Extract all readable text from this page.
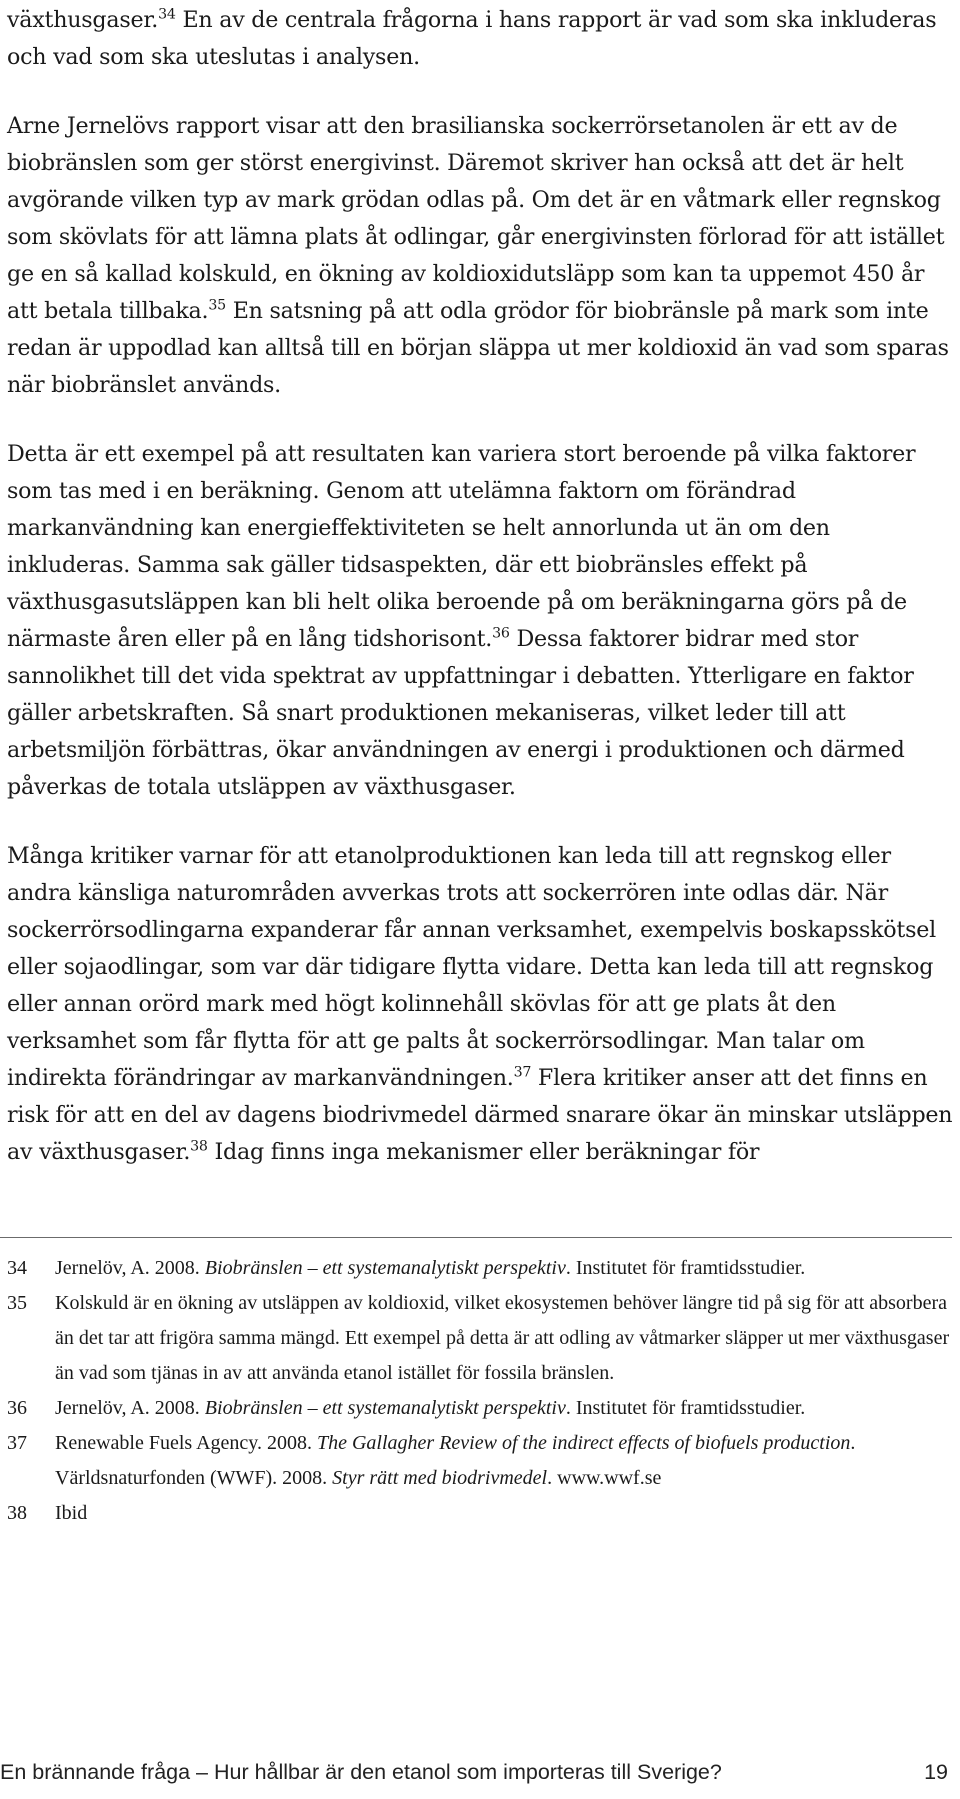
växthusgaser.$^{34}$ En av de centrala frågorna i hans rapport är vad som ska inkluderas och vad som ska uteslutas i analysen.

Arne Jernelövs rapport visar att den brasilianska sockerrörsetanolen är ett av de biobränslen som ger störst energivinst. Däremot skriver han också att det är helt avgörande vilken typ av mark grödan odlas på. Om det är en våtmark eller regnskog som skövlats för att lämna plats åt odlingar, går energivinsten förlorad för att istället ge en så kallad kolskuld, en ökning av koldioxidutsläpp som kan ta uppemot 450 år att betala tillbaka.$^{35}$ En satsning på att odla grödor för biobränsle på mark som inte redan är uppodlad kan alltså till en början släppa ut mer koldioxid än vad som sparas när biobränslet används.

Detta är ett exempel på att resultaten kan variera stort beroende på vilka faktorer som tas med i en beräkning. Genom att utelämna faktorn om förändrad markanvändning kan energieffektiviteten se helt annorlunda ut än om den inkluderas. Samma sak gäller tidsaspekten, där ett biobränsles effekt på växthusgasutsläppen kan bli helt olika beroende på om beräkningarna görs på de närmaste åren eller på en lång tidshorisont.$^{36}$ Dessa faktorer bidrar med stor sannolikhet till det vida spektrat av uppfattningar i debatten. Ytterligare en faktor gäller arbetskraften. Så snart produktionen mekaniseras, vilket leder till att arbetsmiljön förbättras, ökar användningen av energi i produktionen och därmed påverkas de totala utsläppen av växthusgaser.

Många kritiker varnar för att etanolproduktionen kan leda till att regnskog eller andra känsliga naturområden avverkas trots att sockerrören inte odlas där. När sockerrörsodlingarna expanderar får annan verksamhet, exempelvis boskapsskötsel eller sojaodlingar, som var där tidigare flytta vidare. Detta kan leda till att regnskog eller annan orörd mark med högt kolinnehåll skövlas för att ge plats åt den verksamhet som får flytta för att ge palts åt sockerrörsodlingar. Man talar om indirekta förändringar av markanvändningen.$^{37}$ Flera kritiker anser att det finns en risk för att en del av dagens biodrivmedel därmed snarare ökar än minskar utsläppen av växthusgaser.$^{38}$ Idag finns inga mekanismer eller beräkningar för

34 Jernelöv, A. 2008. Biobränslen – ett systemanalytiskt perspektiv. Institutet för framtidsstudier.
35 Kolskuld är en ökning av utsläppen av koldioxid, vilket ekosystemen behöver längre tid på sig för att absorbera än det tar att frigöra samma mängd. Ett exempel på detta är att odling av våtmarker släpper ut mer växthusgaser än vad som tjänas in av att använda etanol istället för fossila bränslen.
36 Jernelöv, A. 2008. Biobränslen – ett systemanalytiskt perspektiv. Institutet för framtidsstudier.
37 Renewable Fuels Agency. 2008. The Gallagher Review of the indirect effects of biofuels production.
Världsnaturfonden (WWF). 2008. Styr rätt med biodrivmedel. www.wwf.se
38 Ibid
En brännande fråga – Hur hållbar är den etanol som importeras till Sverige?	19
